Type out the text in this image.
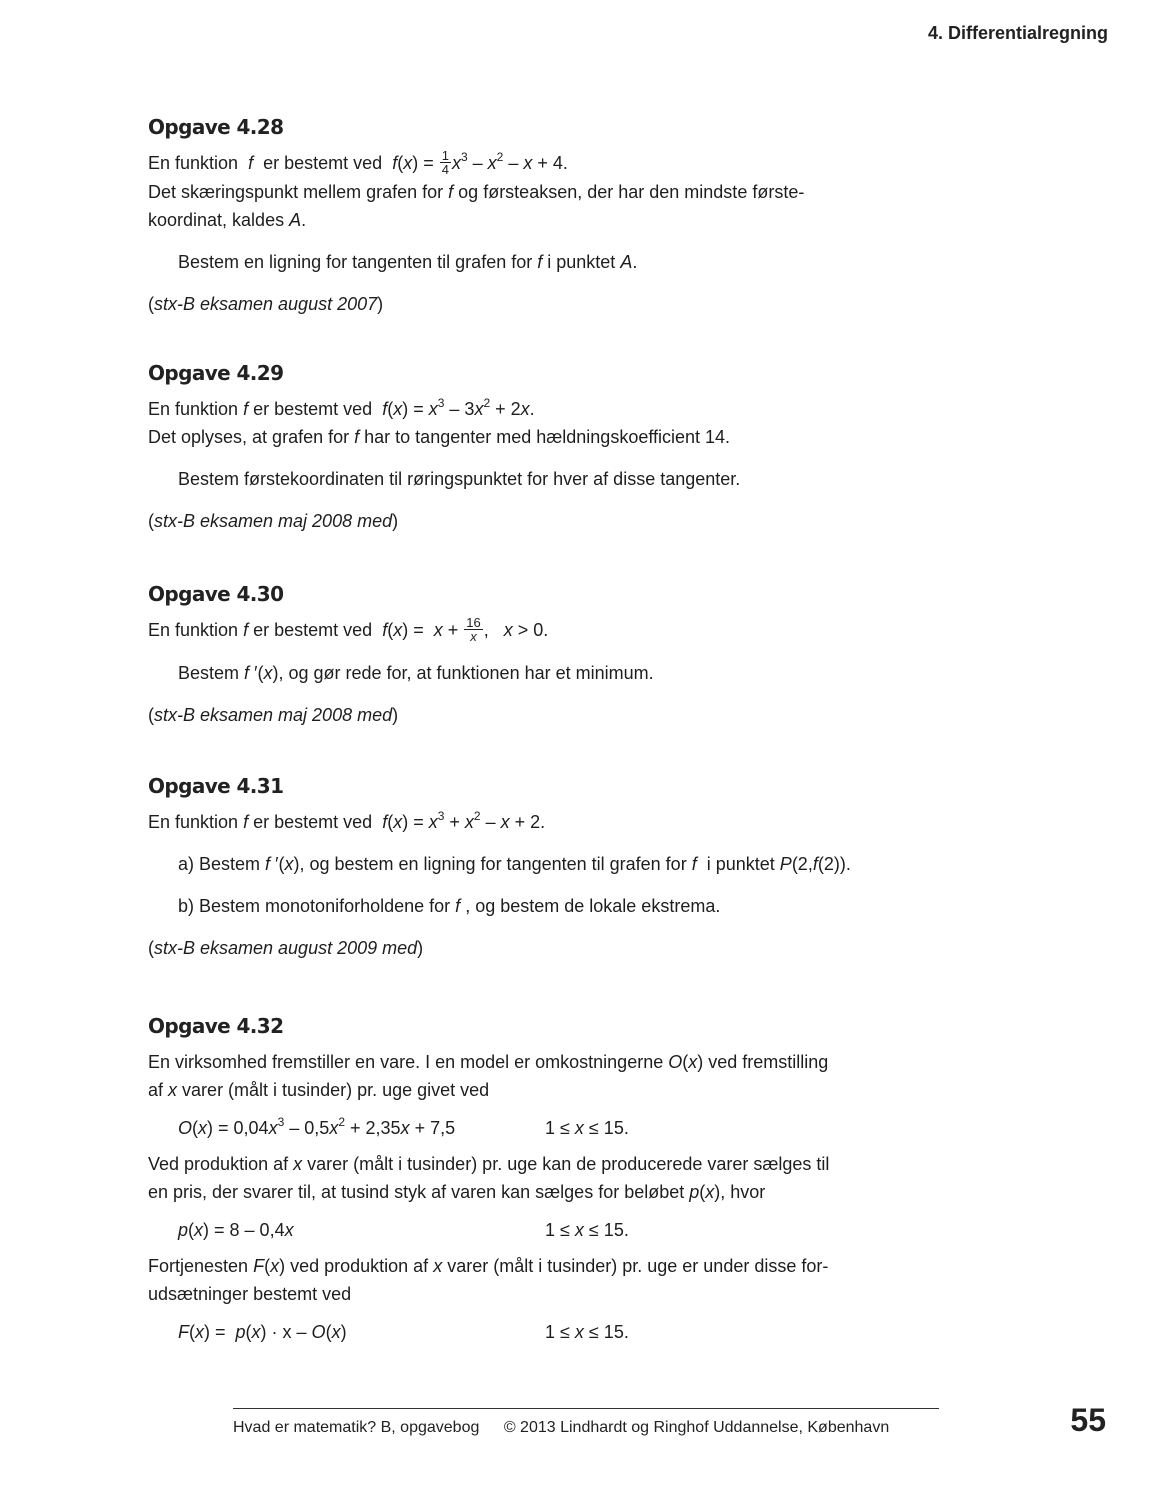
4. Differentialregning
Opgave 4.28
En funktion f er bestemt ved $f(x) = \frac{1}{4} x^3 - x^2 - x + 4$.
Det skæringspunkt mellem grafen for f og førsteaksen, der har den mindste første-
koordinat, kaldes A.
Bestem en ligning for tangenten til grafen for f i punktet A.
(stx-B eksamen august 2007)
Opgave 4.29
En funktion f er bestemt ved $f(x) = x^3 - 3x^2 + 2x$.
Det oplyses, at grafen for f har to tangenter med hældningskoefficient 14.
Bestem førstekoordinaten til røringspunktet for hver af disse tangenter.
(stx-B eksamen maj 2008 med)
Opgave 4.30
En funktion f er bestemt ved $f(x) = x + \frac{16}{x}$,   x > 0.
Bestem f ′(x), og gør rede for, at funktionen har et minimum.
(stx-B eksamen maj 2008 med)
Opgave 4.31
En funktion f er bestemt ved $f(x) = x^3 + x^2 - x + 2$.
a) Bestem f ′(x), og bestem en ligning for tangenten til grafen for f i punktet P(2,f(2)).
b) Bestem monotoniforholdene for f , og bestem de lokale ekstrema.
(stx-B eksamen august 2009 med)
Opgave 4.32
En virksomhed fremstiller en vare. I en model er omkostningerne O(x) ved fremstilling
af x varer (målt i tusinder) pr. uge givet ved
$O(x) = 0,04x^3 - 0,5x^2 + 2,35x + 7,5$	1 ≤ x ≤ 15.
Ved produktion af x varer (målt i tusinder) pr. uge kan de producerede varer sælges til
en pris, der svarer til, at tusind styk af varen kan sælges for beløbet p(x), hvor
p(x) = 8 – 0,4x	1 ≤ x ≤ 15.
Fortjenesten F(x) ved produktion af x varer (målt i tusinder) pr. uge er under disse for-
udsætninger bestemt ved
F(x) =  p(x) · x – O(x)	1 ≤ x ≤ 15.
Hvad er matematik? B, opgavebog © 2013 Lindhardt og Ringhof Uddannelse, København	55
